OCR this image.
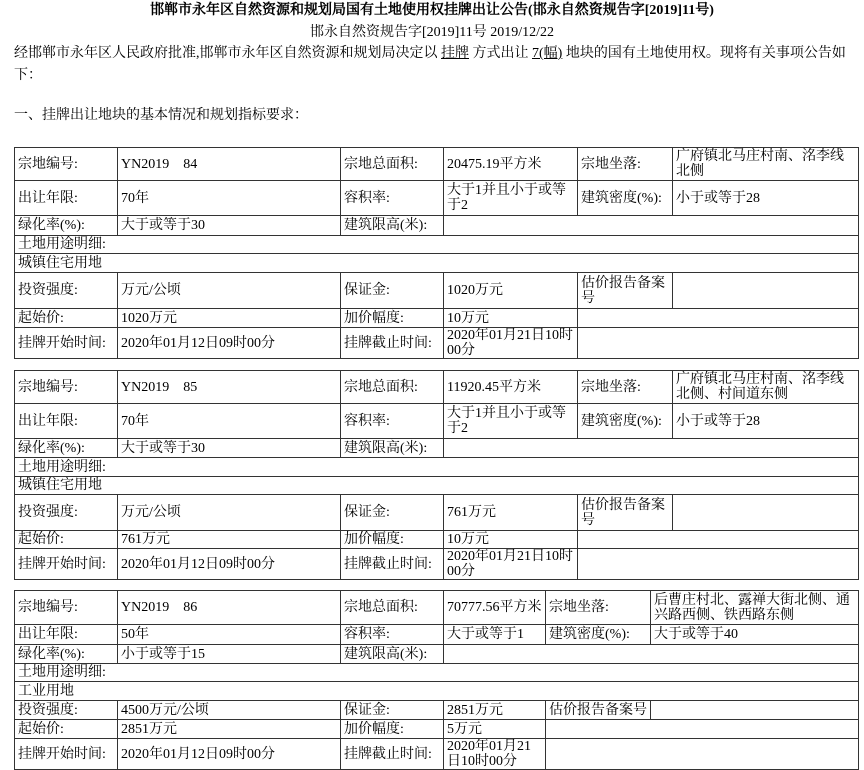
邯郸市永年区自然资源和规划局国有土地使用权挂牌出让公告(邯永自然资规告字[2019]11号)
邯永自然资规告字[2019]11号 2019/12/22
经邯郸市永年区人民政府批准,邯郸市永年区自然资源和规划局决定以 挂牌 方式出让 7(幅) 地块的国有土地使用权。现将有关事项公告如下：
一、挂牌出让地块的基本情况和规划指标要求：
宗地编号:	YN2019　84	宗地总面积:	20475.19平方米	宗地坐落:	广府镇北马庄村南、洺李线北侧
出让年限:	70年	容积率:	大于1并且小于或等于2	建筑密度(%):	小于或等于28
绿化率(%):	大于或等于30	建筑限高(米):			
土地用途明细:					
城镇住宅用地					
投资强度:	万元/公顷	保证金:	1020万元	估价报告备案号	
起始价:	1020万元	加价幅度:	10万元		
挂牌开始时间:	2020年01月12日09时00分	挂牌截止时间:	2020年01月21日10时00分		
宗地编号:	YN2019　85	宗地总面积:	11920.45平方米	宗地坐落:	广府镇北马庄村南、洺李线北侧、村间道东侧
出让年限:	70年	容积率:	大于1并且小于或等于2	建筑密度(%):	小于或等于28
绿化率(%):	大于或等于30	建筑限高(米):			
土地用途明细:					
城镇住宅用地					
投资强度:	万元/公顷	保证金:	761万元	估价报告备案号	
起始价:	761万元	加价幅度:	10万元		
挂牌开始时间:	2020年01月12日09时00分	挂牌截止时间:	2020年01月21日10时00分		
宗地编号:	YN2019　86	宗地总面积:	70777.56平方米	宗地坐落:	后曹庄村北、露禅大街北侧、通兴路西侧、铁西路东侧
出让年限:	50年	容积率:	大于或等于1	建筑密度(%):	大于或等于40
绿化率(%):	小于或等于15	建筑限高(米):			
土地用途明细:					
工业用地					
投资强度:	4500万元/公顷	保证金:	2851万元	估价报告备案号	
起始价:	2851万元	加价幅度:	5万元		
挂牌开始时间:	2020年01月12日09时00分	挂牌截止时间:	2020年01月21日10时00分		
